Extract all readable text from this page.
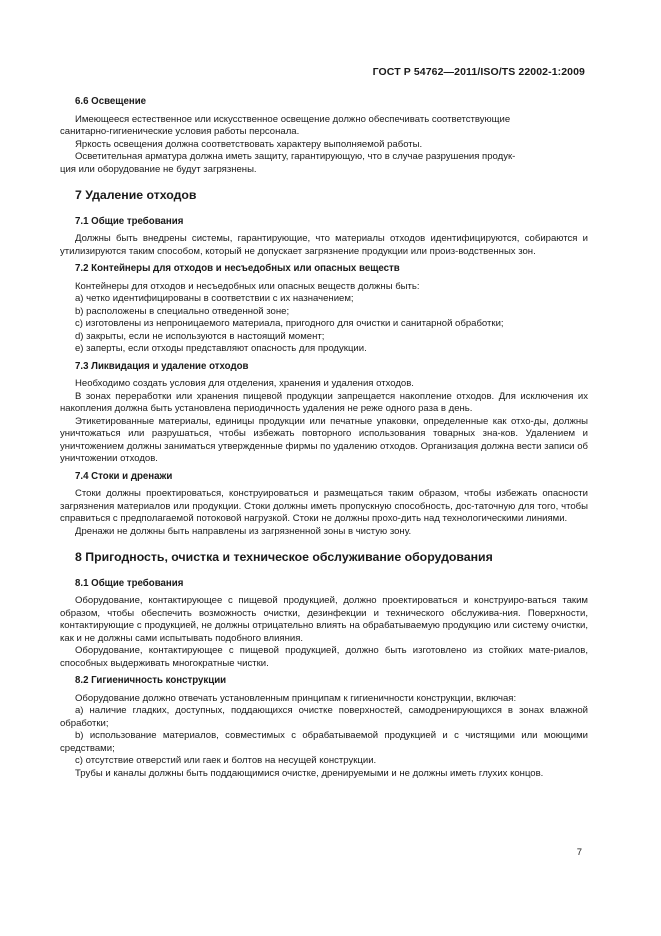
ГОСТ Р 54762—2011/ISO/TS 22002-1:2009
6.6 Освещение

Имеющееся естественное или искусственное освещение должно обеспечивать соответствующие
санитарно-гигиенические условия работы персонала.

Яркость освещения должна соответствовать характеру выполняемой работы.

Осветительная арматура должна иметь защиту, гарантирующую, что в случае разрушения продук-
ция или оборудование не будут загрязнены.

7 Удаление отходов
7.1 Общие требования

Должны быть внедрены системы, гарантирующие, что материалы отходов идентифицируются, собираются и утилизируются таким способом, который не допускает загрязнение продукции или произ-водственных зон.

7.2 Контейнеры для отходов и несъедобных или опасных веществ

Контейнеры для отходов и несъедобных или опасных веществ должны быть:

a) четко идентифицированы в соответствии с их назначением;

b) расположены в специально отведенной зоне;

c) изготовлены из непроницаемого материала, пригодного для очистки и санитарной обработки;

d) закрыты, если не используются в настоящий момент;

e) заперты, если отходы представляют опасность для продукции.

7.3 Ликвидация и удаление отходов

Необходимо создать условия для отделения, хранения и удаления отходов.

В зонах переработки или хранения пищевой продукции запрещается накопление отходов. Для исключения их накопления должна быть установлена периодичность удаления не реже одного раза в день.

Этикетированные материалы, единицы продукции или печатные упаковки, определенные как отхо-ды, должны уничтожаться или разрушаться, чтобы избежать повторного использования товарных зна-ков. Удалением и уничтожением должны заниматься утвержденные фирмы по удалению отходов. Организация должна вести записи об уничтожении отходов.

7.4 Стоки и дренажи

Стоки должны проектироваться, конструироваться и размещаться таким образом, чтобы избежать опасности загрязнения материалов или продукции. Стоки должны иметь пропускную способность, дос-таточную для того, чтобы справиться с предполагаемой потоковой нагрузкой. Стоки не должны прохо-дить над технологическими линиями.

Дренажи не должны быть направлены из загрязненной зоны в чистую зону.

8 Пригодность, очистка и техническое обслуживание оборудования
8.1 Общие требования

Оборудование, контактирующее с пищевой продукцией, должно проектироваться и конструиро-ваться таким образом, чтобы обеспечить возможность очистки, дезинфекции и технического обслужива-ния. Поверхности, контактирующие с продукцией, не должны отрицательно влиять на обрабатываемую продукцию или систему очистки, как и не должны сами испытывать подобного влияния.

Оборудование, контактирующее с пищевой продукцией, должно быть изготовлено из стойких мате-риалов, способных выдерживать многократные чистки.

8.2 Гигиеничность конструкции

Оборудование должно отвечать установленным принципам к гигиеничности конструкции, включая:

a) наличие гладких, доступных, поддающихся очистке поверхностей, самодренирующихся в зонах влажной обработки;

b) использование материалов, совместимых с обрабатываемой продукцией и с чистящими или моющими средствами;

c) отсутствие отверстий или гаек и болтов на несущей конструкции.

Трубы и каналы должны быть поддающимися очистке, дренируемыми и не должны иметь глухих концов.

7
